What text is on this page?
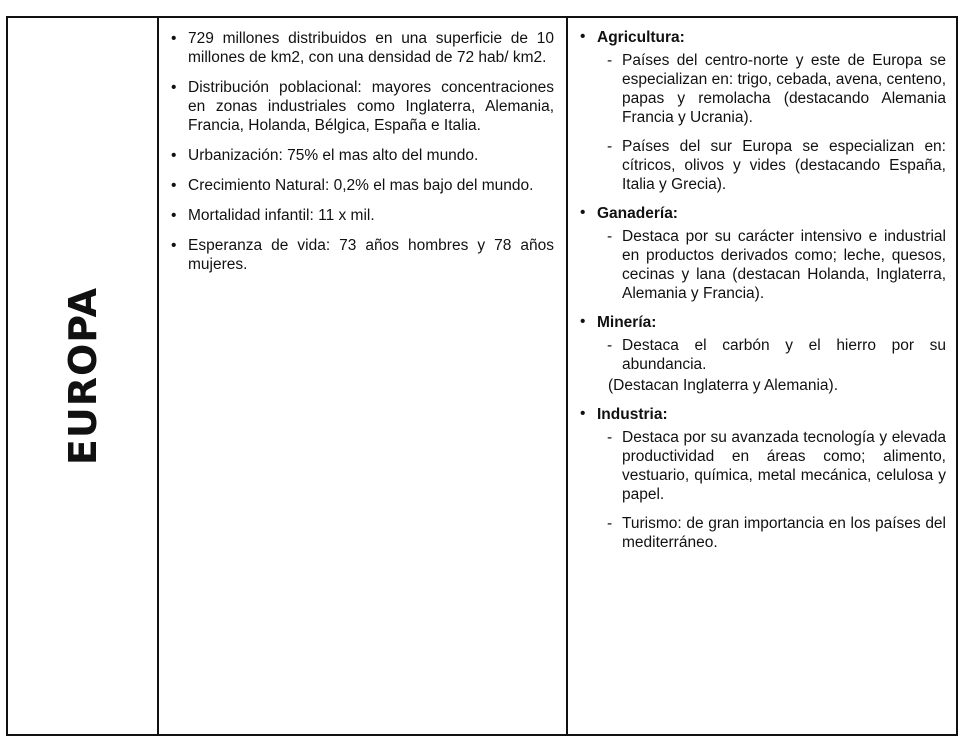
EUROPA

• 729 millones distribuidos en una superficie de 10 millones de km2, con una densidad de 72 hab/ km2.
• Distribución poblacional: mayores concentraciones en zonas industriales como Inglaterra, Alemania, Francia, Holanda, Bélgica, España e Italia.
• Urbanización: 75% el mas alto del mundo.
• Crecimiento Natural: 0,2% el mas bajo del mundo.
• Mortalidad infantil: 11 x mil.
• Esperanza de vida: 73 años hombres y 78 años mujeres.

• Agricultura:
- Países del centro-norte y este de Europa se especializan en: trigo, cebada, avena, centeno, papas y remolacha (destacando Alemania Francia y Ucrania).
- Países del sur Europa se especializan en: cítricos, olivos y vides (destacando España, Italia y Grecia).
• Ganadería:
- Destaca por su carácter intensivo e industrial en productos derivados como; leche, quesos, cecinas y lana (destacan Holanda, Inglaterra, Alemania y Francia).
• Minería:
- Destaca el carbón y el hierro por su abundancia.
(Destacan Inglaterra y Alemania).
• Industria:
- Destaca por su avanzada tecnología y elevada productividad en áreas como; alimento, vestuario, química, metal mecánica, celulosa y papel.
- Turismo: de gran importancia en los países del mediterráneo.
